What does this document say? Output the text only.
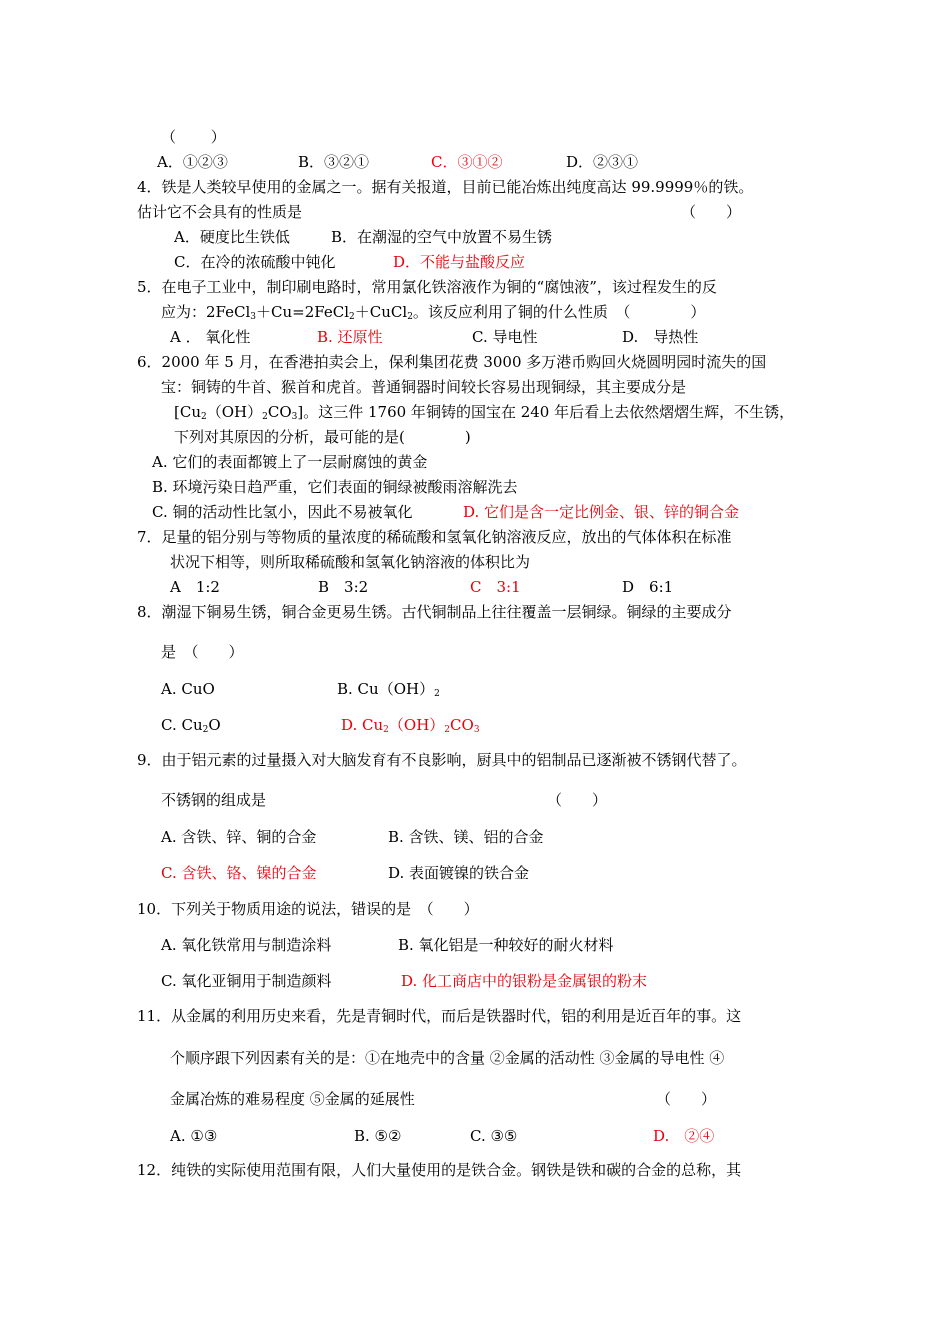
（ 　　）
A．①②③	B．③②①	C．③①②	D．②③①
4．铁是人类较早使用的金属之一。据有关报道，目前已能冶炼出纯度高达 99.9999％的铁。
估计它不会具有的性质是	（　　）
A．硬度比生铁低	B．在潮湿的空气中放置不易生锈
C．在冷的浓硫酸中钝化	D．不能与盐酸反应
5．在电子工业中，制印刷电路时，常用氯化铁溶液作为铜的“腐蚀液”，该过程发生的反
应为：2FeCl$_3$＋Cu=2FeCl$_2$＋CuCl$_2$。该反应利用了铜的什么性质　（　　　　）
A ． 氧化性	B. 还原性	C. 导电性	D.　导热性
6．2000 年 5 月，在香港拍卖会上，保利集团花费 3000 多万港币购回火烧圆明园时流失的国
宝：铜铸的牛首、猴首和虎首。普通铜器时间较长容易出现铜绿，其主要成分是
$[Cu_2(OH)_2CO_3]$。这三件 1760 年铜铸的国宝在 240 年后看上去依然熠熠生辉，不生锈，
下列对其原因的分析，最可能的是(　　　　)
A. 它们的表面都镀上了一层耐腐蚀的黄金
B. 环境污染日趋严重，它们表面的铜绿被酸雨溶解洗去
C. 铜的活动性比氢小，因此不易被氧化	D. 它们是含一定比例金、银、锌的铜合金
7．足量的铝分别与等物质的量浓度的稀硫酸和氢氧化钠溶液反应，放出的气体体积在标准
状况下相等，则所取稀硫酸和氢氧化钠溶液的体积比为
A　1:2	B　3:2	C　3:1	D　6:1
8．潮湿下铜易生锈，铜合金更易生锈。古代铜制品上往往覆盖一层铜绿。铜绿的主要成分
是　（　　）
A. CuO	B. $Cu(OH)_2$
C. $Cu_2O$	D. $Cu_2(OH)_2CO_3$
9．由于铝元素的过量摄入对大脑发育有不良影响，厨具中的铝制品已逐渐被不锈钢代替了。
不锈钢的组成是	（　　）
A. 含铁、锌、铜的合金	B. 含铁、镁、铝的合金
C. 含铁、铬、镍的合金	D. 表面镀镍的铁合金
10．下列关于物质用途的说法，错误的是　（　　）
A. 氧化铁常用与制造涂料	B. 氧化铝是一种较好的耐火材料
C. 氧化亚铜用于制造颜料	D. 化工商店中的银粉是金属银的粉末
11．从金属的利用历史来看，先是青铜时代，而后是铁器时代，铝的利用是近百年的事。这
个顺序跟下列因素有关的是：①在地壳中的含量 ②金属的活动性 ③金属的导电性 ④
金属冶炼的难易程度 ⑤金属的延展性	（　　）
A. ①③	B. ⑤②	C. ③⑤	D.　②④
12．纯铁的实际使用范围有限，人们大量使用的是铁合金。钢铁是铁和碳的合金的总称，其
